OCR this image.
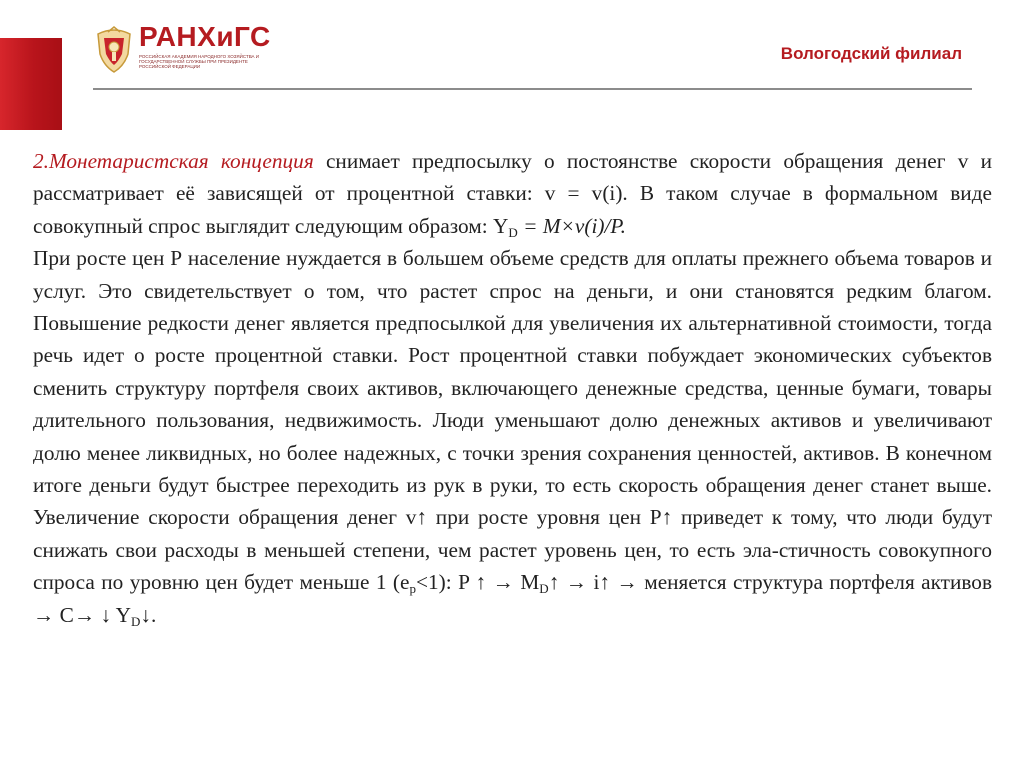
РАНХиГС
РОССИЙСКАЯ АКАДЕМИЯ НАРОДНОГО ХОЗЯЙСТВА И ГОСУДАРСТВЕННОЙ СЛУЖБЫ ПРИ ПРЕЗИДЕНТЕ РОССИЙСКОЙ ФЕДЕРАЦИИ
Вологодский филиал

2.Монетаристская концепция снимает предпосылку о постоянстве скорости обращения денег v и рассматривает её зависящей от процентной ставки: v = v(i). В таком случае в формальном виде совокупный спрос выглядит следующим образом: $Y_D = M\times v(i)/P$.

При росте цен Р население нуждается в большем объеме средств для оплаты прежнего объема товаров и услуг. Это свидетельствует о том, что растет спрос на деньги, и они становятся редким благом. Повышение редкости денег является предпосылкой для увеличения их альтернативной стоимости, тогда речь идет о росте процентной ставки. Рост процентной ставки побуждает экономических субъектов сменить структуру портфеля своих активов, включающего денежные средства, ценные бумаги, товары длительного пользования, недвижимость. Люди уменьшают долю денежных активов и увеличивают долю менее ликвидных, но более надежных, с точки зрения сохранения ценностей, активов. В конечном итоге деньги будут быстрее переходить из рук в руки, то есть скорость обращения денег станет выше. Увеличение скорости обращения денег v↑ при росте уровня цен Р↑ приведет к тому, что люди будут снижать свои расходы в меньшей степени, чем растет уровень цен, то есть эла-стичность совокупного спроса по уровню цен будет меньше 1 $(e_p<1)$: P ↑ → $M_D↑$ → i↑ → меняется структура портфеля активов → C→ ↓ $Y_D↓$.
